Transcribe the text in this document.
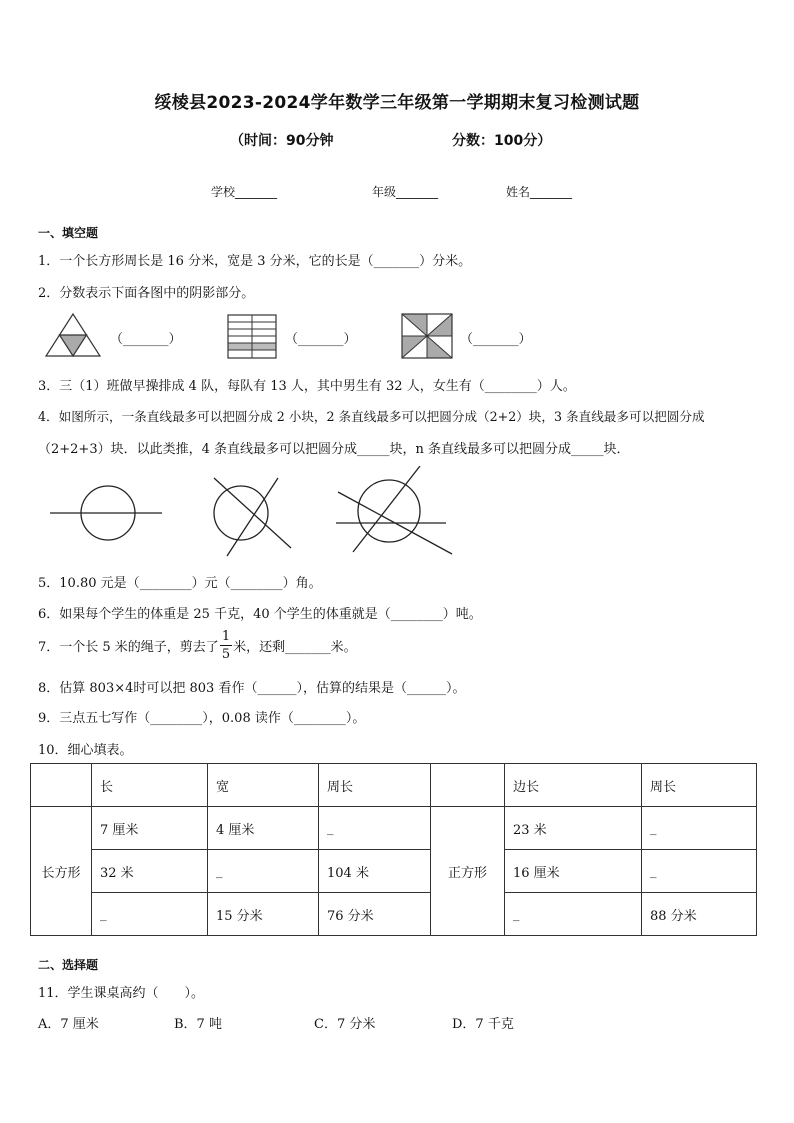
绥棱县2023-2024学年数学三年级第一学期期末复习检测试题
（时间：90分钟	分数：100分）
学校_______	年级_______	姓名_______
一、填空题
1．一个长方形周长是 16 分米，宽是 3 分米，它的长是（_______）分米。
2．分数表示下面各图中的阴影部分。
（_______）	（_______）	（_______）
3．三（1）班做早操排成 4 队，每队有 13 人，其中男生有 32 人，女生有（________）人。
4．如图所示，一条直线最多可以把圆分成 2 小块，2 条直线最多可以把圆分成（2+2）块，3 条直线最多可以把圆分成
（2+2+3）块．以此类推，4 条直线最多可以把圆分成_____块，n 条直线最多可以把圆分成_____块．
5．10.80 元是（________）元（________）角。
6．如果每个学生的体重是 25 千克，40 个学生的体重就是（________）吨。
7．一个长 5 米的绳子，剪去了 $\frac{1}{5}$ 米，还剩_______米。
8．估算 803×4时可以把 803 看作（______），估算的结果是（______）。
9．三点五七写作（________），0.08 读作（________）。
10．细心填表。
	长	宽	周长		边长	周长
长方形	7 厘米	4 厘米	_	正方形	23 米	_
	32 米	_	104 米		16 厘米	_
	_	15 分米	76 分米		_	88 分米
二、选择题
11．学生课桌高约（　　）。
A．7 厘米	B．7 吨	C．7 分米	D．7 千克
